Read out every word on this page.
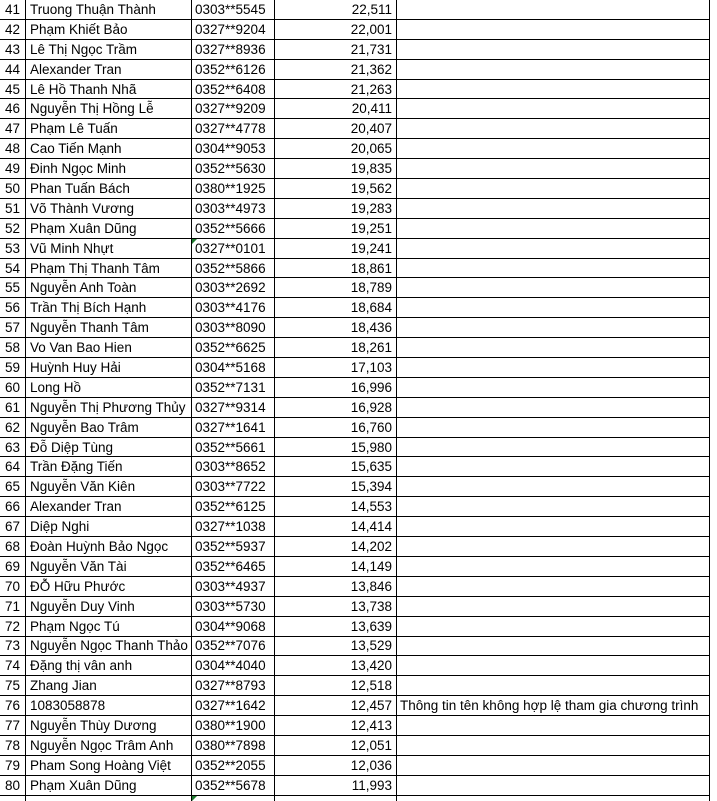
41 Truong Thuận Thành	0303**5545	22,511
42 Phạm Khiết Bảo	0327**9204	22,001
43 Lê Thị Ngọc Trầm	0327**8936	21,731
44 Alexander Tran	0352**6126	21,362
45 Lê Hồ Thanh Nhã	0352**6408	21,263
46 Nguyễn Thị Hồng Lễ	0327**9209	20,411
47 Phạm Lê Tuấn	0327**4778	20,407
48 Cao Tiến Mạnh	0304**9053	20,065
49 Đinh Ngọc Minh	0352**5630	19,835
50 Phan Tuấn Bách	0380**1925	19,562
51 Võ Thành Vương	0303**4973	19,283
52 Phạm Xuân Dũng	0352**5666	19,251
53 Vũ Minh Nhựt	0327**0101	19,241
54 Phạm Thị Thanh Tâm	0352**5866	18,861
55 Nguyễn Anh Toàn	0303**2692	18,789
56 Trần Thị Bích Hạnh	0303**4176	18,684
57 Nguyễn Thanh Tâm	0303**8090	18,436
58 Vo Van Bao Hien	0352**6625	18,261
59 Huỳnh Huy Hải	0304**5168	17,103
60 Long Hồ	0352**7131	16,996
61 Nguyễn Thị Phương Thủy 0327**9314	16,928
62 Nguyễn Bao Trâm	0327**1641	16,760
63 Đỗ Diệp Tùng	0352**5661	15,980
64 Trần Đặng Tiến	0303**8652	15,635
65 Nguyễn Văn Kiên	0303**7722	15,394
66 Alexander Tran	0352**6125	14,553
67 Diệp Nghi	0327**1038	14,414
68 Đoàn Huỳnh Bảo Ngọc	0352**5937	14,202
69 Nguyễn Văn Tài	0352**6465	14,149
70 ĐỖ Hữu Phước	0303**4937	13,846
71 Nguyễn Duy Vinh	0303**5730	13,738
72 Phạm Ngọc Tú	0304**9068	13,639
73 Nguyễn Ngọc Thanh Thảo 0352**7076	13,529
74 Đặng thị vân anh	0304**4040	13,420
75 Zhang Jian	0327**8793	12,518
76 1083058878	0327**1642	12,457 Thông tin tên không hợp lệ tham gia chương trình
77 Nguyễn Thùy Dương	0380**1900	12,413
78 Nguyễn Ngọc Trâm Anh	0380**7898	12,051
79 Pham Song Hoàng Việt	0352**2055	12,036
80 Phạm Xuân Dũng	0352**5678	11,993
